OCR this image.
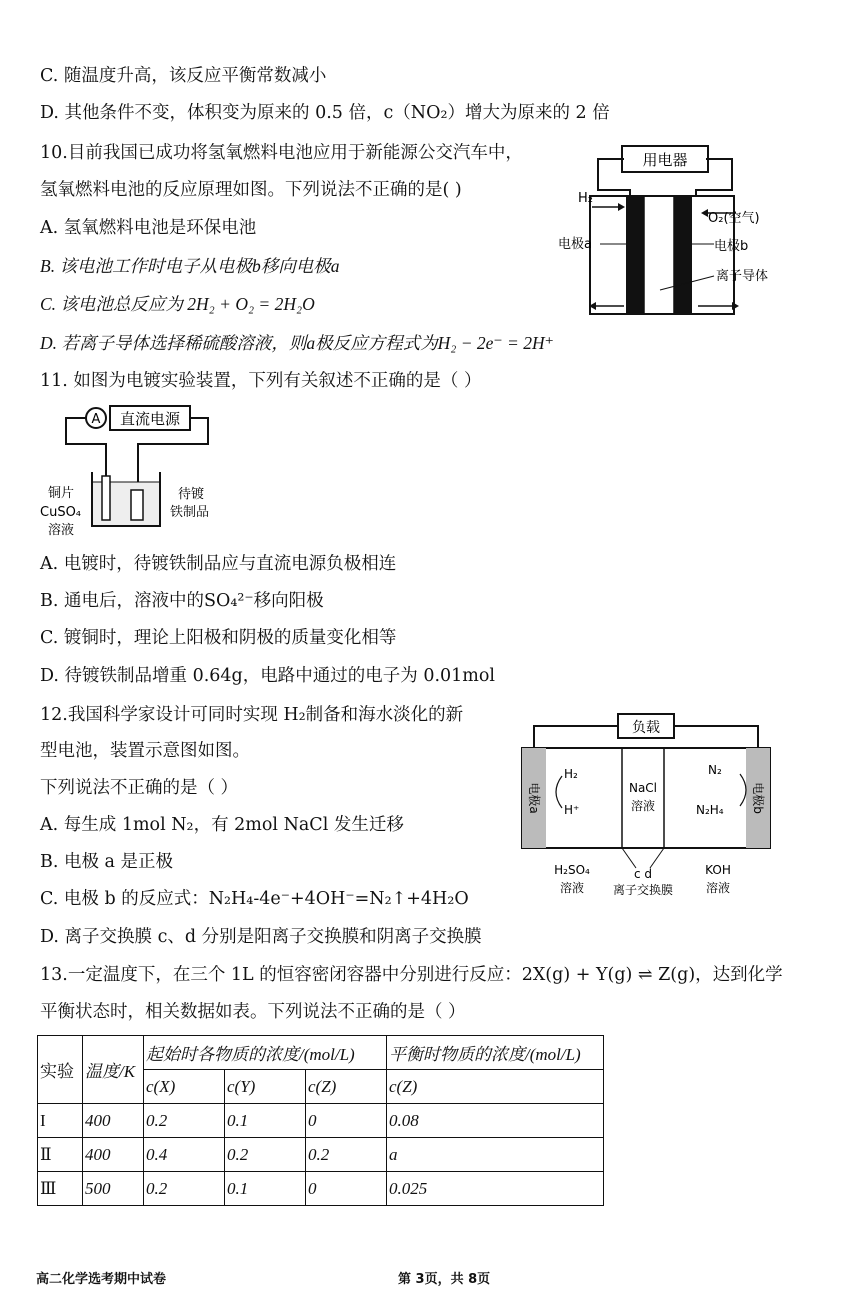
C. 随温度升高，该反应平衡常数减小
D. 其他条件不变，体积变为原来的 0.5 倍，c（NO₂）增大为原来的 2 倍
10.目前我国已成功将氢氧燃料电池应用于新能源公交汽车中，
氢氧燃料电池的反应原理如图。下列说法不正确的是( )
A. 氢氧燃料电池是环保电池
B. 该电池工作时电子从电极b移向电极a
C. 该电池总反应为 2H₂ + O₂ = 2H₂O
D. 若离子导体选择稀硫酸溶液，则a极反应方程式为H₂ − 2e⁻ = 2H⁺
用电器
H₂
O₂(空气)
电极a	电极b
离子导体
11. 如图为电镀实验装置，下列有关叙述不正确的是（ ）
A 直流电源
铜片
CuSO₄
溶液
待镀
铁制品
A. 电镀时，待镀铁制品应与直流电源负极相连
B. 通电后，溶液中的SO₄²⁻移向阳极
C. 镀铜时，理论上阳极和阴极的质量变化相等
D. 待镀铁制品增重 0.64g，电路中通过的电子为 0.01mol
12.我国科学家设计可同时实现 H₂制备和海水淡化的新
型电池，装置示意图如图。
下列说法不正确的是（ ）
A. 每生成 1mol N₂，有 2mol NaCl 发生迁移
B. 电极 a 是正极
C. 电极 b 的反应式：N₂H₄-4e⁻+4OH⁻=N₂↑+4H₂O
D. 离子交换膜 c、d 分别是阳离子交换膜和阴离子交换膜
负载
电极a	电极b
H₂
H⁺
NaCl
溶液
N₂
N₂H₄
H₂SO₄
溶液
c d
离子交换膜
KOH
溶液
13.一定温度下，在三个 1L 的恒容密闭容器中分别进行反应：2X(g) + Y(g) ⇌ Z(g)，达到化学
平衡状态时，相关数据如表。下列说法不正确的是（ ）
实验	温度/K	起始时各物质的浓度/(mol/L)			平衡时物质的浓度/(mol/L)
		c(X)	c(Y)	c(Z)	c(Z)
I	400	0.2	0.1	0	0.08
Ⅱ	400	0.4	0.2	0.2	a
Ⅲ	500	0.2	0.1	0	0.025
高二化学选考期中试卷	第 3页，共 8页
